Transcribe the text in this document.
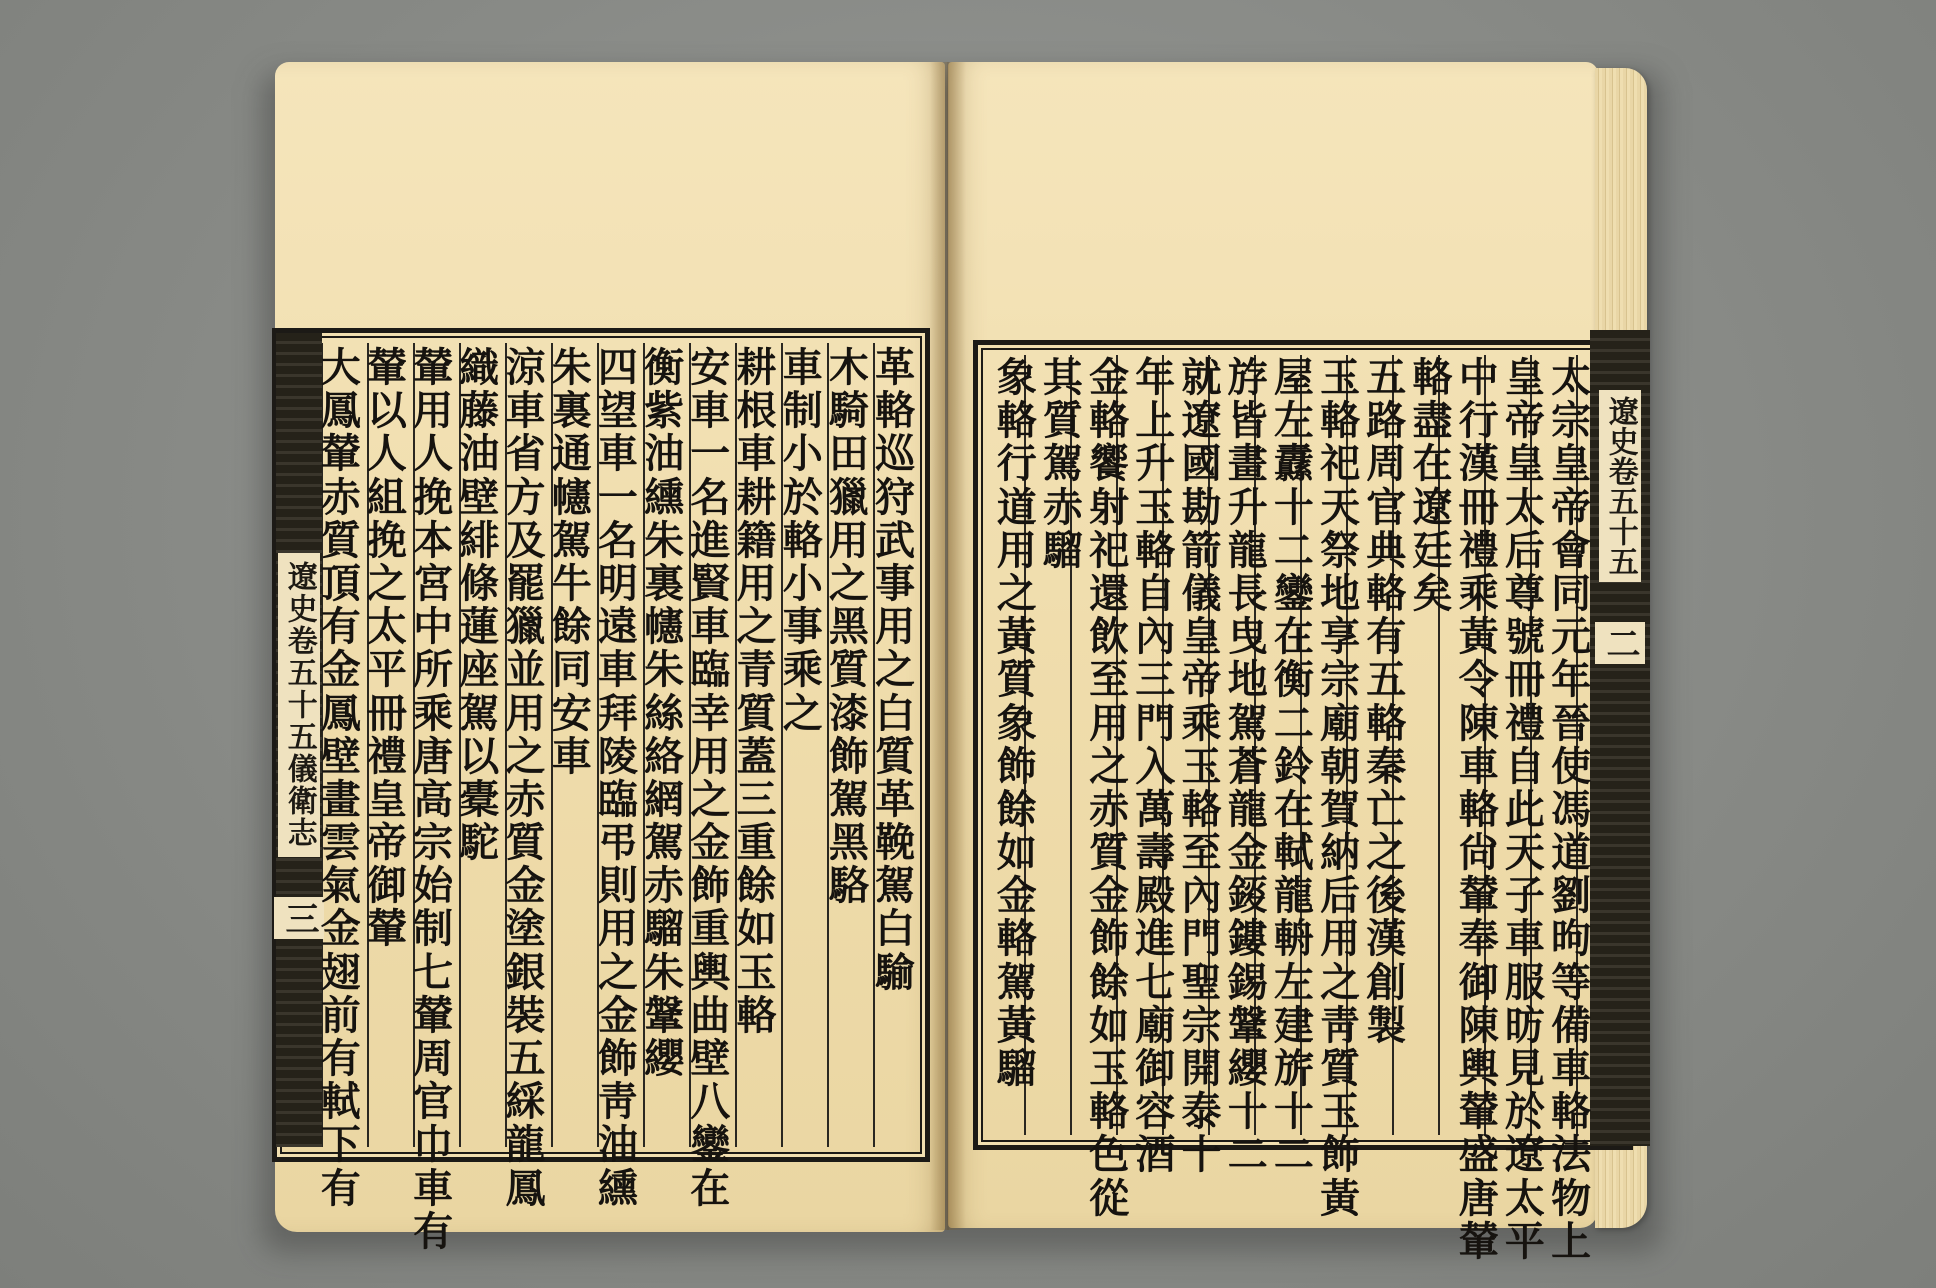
遼史卷五十五儀衛志
三
遼史卷五十五
二
革
輅
巡
狩
武
事
用
之
白
質
革
鞔
駕
白
騟
木
騎
田
獵
用
之
黑
質
漆
飾
駕
黑
駱
車
制
小
於
輅
小
事
乘
之
耕
根
車
耕
籍
用
之
青
質
蓋
三
重
餘
如
玉
輅
安
車
一
名
進
賢
車
臨
幸
用
之
金
飾
重
輿
曲
壁
八
鑾
在
衡
紫
油
纁
朱
裏
幰
朱
絲
絡
網
駕
赤
騮
朱
鞶
纓
四
望
車
一
名
明
遠
車
拜
陵
臨
弔
則
用
之
金
飾
靑
油
纁
朱
裏
通
幰
駕
牛
餘
同
安
車
涼
車
省
方
及
罷
獵
並
用
之
赤
質
金
塗
銀
裝
五
綵
龍
鳳
織
藤
油
壁
緋
條
蓮
座
駕
以
橐
駝
輦
用
人
挽
本
宮
中
所
乘
唐
高
宗
始
制
七
輦
周
官
巾
車
有
輦
以
人
組
挽
之
太
平
冊
禮
皇
帝
御
輦
大
鳳
輦
赤
質
頂
有
金
鳳
壁
畫
雲
氣
金
翅
前
有
軾
下
有
太
宗
皇
帝
會
同
元
年
晉
使
馮
道
劉
昫
等
備
車
輅
法
物
上
皇
帝
皇
太
后
尊
號
冊
禮
自
此
天
子
車
服
昉
見
於
遼
太
平
中
行
漢
冊
禮
乘
黃
令
陳
車
輅
尙
輦
奉
御
陳
輿
輦
盛
唐
輦
輅
盡
在
遼
廷
矣
五
路
周
官
典
輅
有
五
輅
秦
亡
之
後
漢
創
製
玉
輅
祀
天
祭
地
享
宗
廟
朝
賀
納
后
用
之
靑
質
玉
飾
黃
屋
左
纛
十
二
鑾
在
衡
二
鈴
在
軾
龍
輈
左
建
旂
十
二
斿
皆
畫
升
龍
長
曳
地
駕
蒼
龍
金
錽
鏤
錫
鞶
纓
十
二
就
遼
國
勘
箭
儀
皇
帝
乘
玉
輅
至
內
門
聖
宗
開
泰
十
年
上
升
玉
輅
自
內
三
門
入
萬
壽
殿
進
七
廟
御
容
酒
金
輅
饗
射
祀
還
飲
至
用
之
赤
質
金
飾
餘
如
玉
輅
色
從
其
質
駕
赤
騮
象
輅
行
道
用
之
黃
質
象
飾
餘
如
金
輅
駕
黃
騮
